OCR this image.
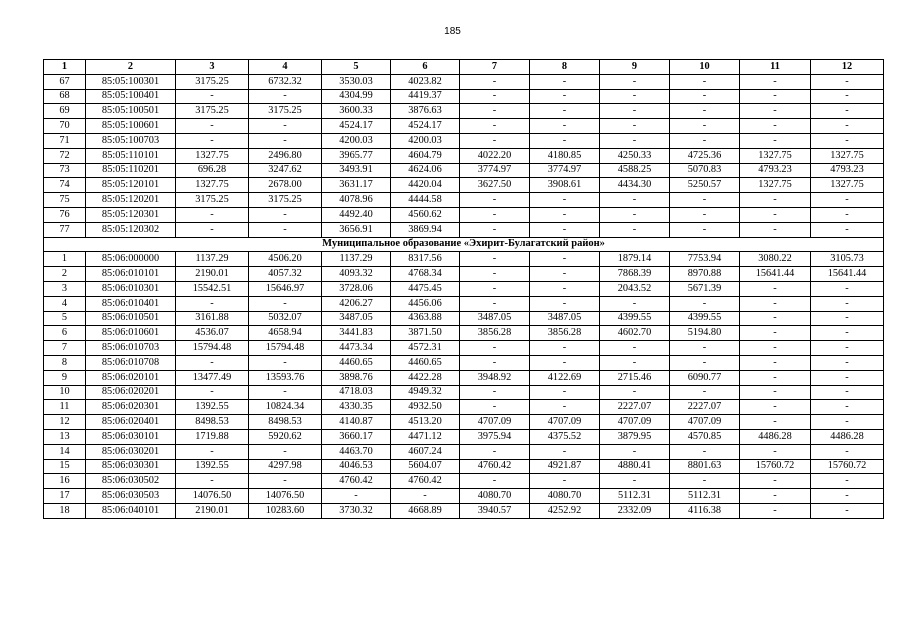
185
1	2	3	4	5	6	7	8	9	10	11	12
67	85:05:100301	3175.25	6732.32	3530.03	4023.82	-	-	-	-	-	-
68	85:05:100401	-	-	4304.99	4419.37	-	-	-	-	-	-
69	85:05:100501	3175.25	3175.25	3600.33	3876.63	-	-	-	-	-	-
70	85:05:100601	-	-	4524.17	4524.17	-	-	-	-	-	-
71	85:05:100703	-	-	4200.03	4200.03	-	-	-	-	-	-
72	85:05:110101	1327.75	2496.80	3965.77	4604.79	4022.20	4180.85	4250.33	4725.36	1327.75	1327.75
73	85:05:110201	696.28	3247.62	3493.91	4624.06	3774.97	3774.97	4588.25	5070.83	4793.23	4793.23
74	85:05:120101	1327.75	2678.00	3631.17	4420.04	3627.50	3908.61	4434.30	5250.57	1327.75	1327.75
75	85:05:120201	3175.25	3175.25	4078.96	4444.58	-	-	-	-	-	-
76	85:05:120301	-	-	4492.40	4560.62	-	-	-	-	-	-
77	85:05:120302	-	-	3656.91	3869.94	-	-	-	-	-	-
Муниципальное образование «Эхирит-Булагатский район»											
1	85:06:000000	1137.29	4506.20	1137.29	8317.56	-	-	1879.14	7753.94	3080.22	3105.73
2	85:06:010101	2190.01	4057.32	4093.32	4768.34	-	-	7868.39	8970.88	15641.44	15641.44
3	85:06:010301	15542.51	15646.97	3728.06	4475.45	-	-	2043.52	5671.39	-	-
4	85:06:010401	-	-	4206.27	4456.06	-	-	-	-	-	-
5	85:06:010501	3161.88	5032.07	3487.05	4363.88	3487.05	3487.05	4399.55	4399.55	-	-
6	85:06:010601	4536.07	4658.94	3441.83	3871.50	3856.28	3856.28	4602.70	5194.80	-	-
7	85:06:010703	15794.48	15794.48	4473.34	4572.31	-	-	-	-	-	-
8	85:06:010708	-	-	4460.65	4460.65	-	-	-	-	-	-
9	85:06:020101	13477.49	13593.76	3898.76	4422.28	3948.92	4122.69	2715.46	6090.77	-	-
10	85:06:020201	-	-	4718.03	4949.32	-	-	-	-	-	-
11	85:06:020301	1392.55	10824.34	4330.35	4932.50	-	-	2227.07	2227.07	-	-
12	85:06:020401	8498.53	8498.53	4140.87	4513.20	4707.09	4707.09	4707.09	4707.09	-	-
13	85:06:030101	1719.88	5920.62	3660.17	4471.12	3975.94	4375.52	3879.95	4570.85	4486.28	4486.28
14	85:06:030201	-	-	4463.70	4607.24	-	-	-	-	-	-
15	85:06:030301	1392.55	4297.98	4046.53	5604.07	4760.42	4921.87	4880.41	8801.63	15760.72	15760.72
16	85:06:030502	-	-	4760.42	4760.42	-	-	-	-	-	-
17	85:06:030503	14076.50	14076.50	-	-	4080.70	4080.70	5112.31	5112.31	-	-
18	85:06:040101	2190.01	10283.60	3730.32	4668.89	3940.57	4252.92	2332.09	4116.38	-	-
